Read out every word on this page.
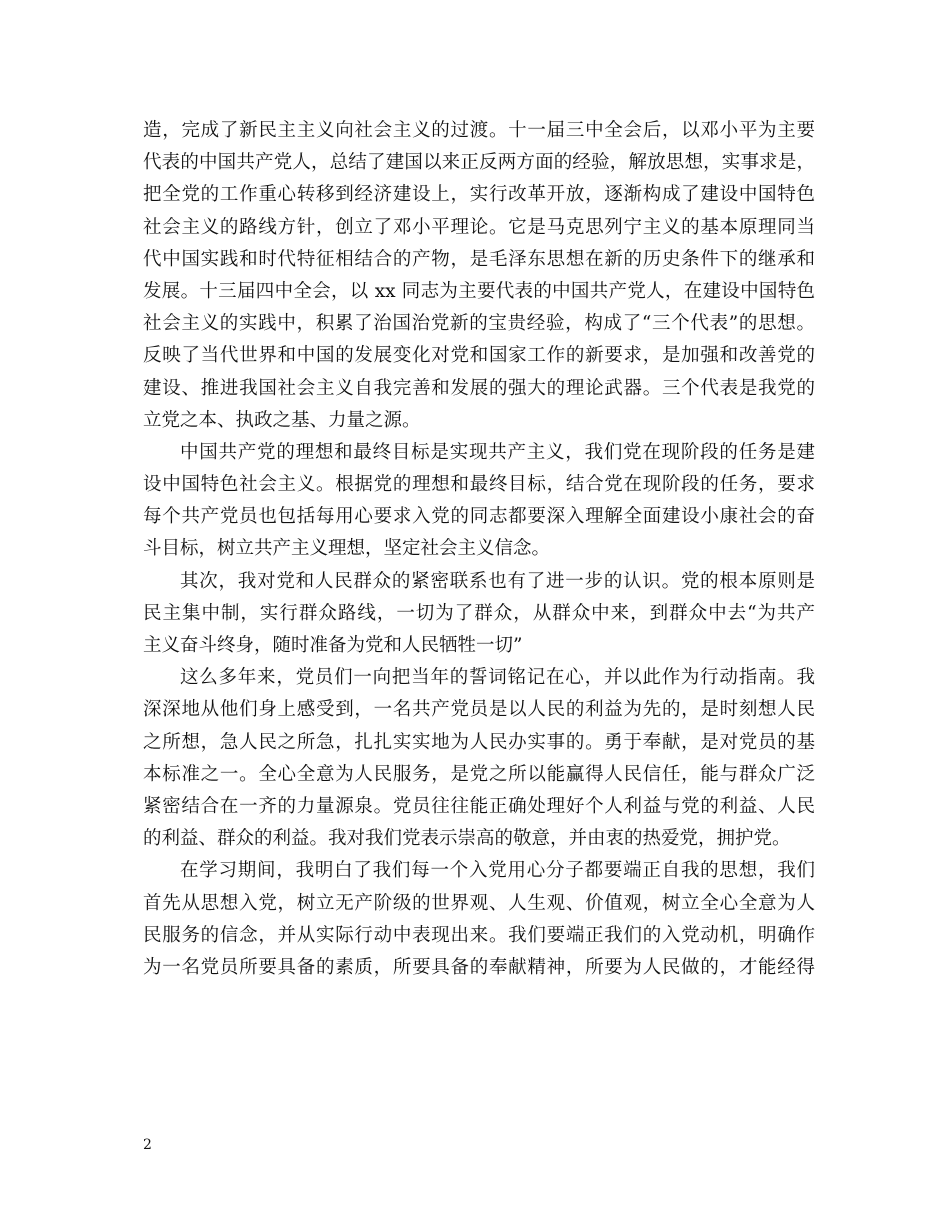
造，完成了新民主主义向社会主义的过渡。十一届三中全会后，以邓小平为主要
代表的中国共产党人，总结了建国以来正反两方面的经验，解放思想，实事求是，
把全党的工作重心转移到经济建设上，实行改革开放，逐渐构成了建设中国特色
社会主义的路线方针，创立了邓小平理论。它是马克思列宁主义的基本原理同当
代中国实践和时代特征相结合的产物，是毛泽东思想在新的历史条件下的继承和
发展。十三届四中全会，以 xx 同志为主要代表的中国共产党人，在建设中国特色
社会主义的实践中，积累了治国治党新的宝贵经验，构成了“三个代表”的思想。
反映了当代世界和中国的发展变化对党和国家工作的新要求，是加强和改善党的
建设、推进我国社会主义自我完善和发展的强大的理论武器。三个代表是我党的
立党之本、执政之基、力量之源。
中国共产党的理想和最终目标是实现共产主义，我们党在现阶段的任务是建
设中国特色社会主义。根据党的理想和最终目标，结合党在现阶段的任务，要求
每个共产党员也包括每用心要求入党的同志都要深入理解全面建设小康社会的奋
斗目标，树立共产主义理想，坚定社会主义信念。
其次，我对党和人民群众的紧密联系也有了进一步的认识。党的根本原则是
民主集中制，实行群众路线，一切为了群众，从群众中来，到群众中去“为共产
主义奋斗终身，随时准备为党和人民牺牲一切”
这么多年来，党员们一向把当年的誓词铭记在心，并以此作为行动指南。我
深深地从他们身上感受到，一名共产党员是以人民的利益为先的，是时刻想人民
之所想，急人民之所急，扎扎实实地为人民办实事的。勇于奉献，是对党员的基
本标准之一。全心全意为人民服务，是党之所以能赢得人民信任，能与群众广泛
紧密结合在一齐的力量源泉。党员往往能正确处理好个人利益与党的利益、人民
的利益、群众的利益。我对我们党表示崇高的敬意，并由衷的热爱党，拥护党。
在学习期间，我明白了我们每一个入党用心分子都要端正自我的思想，我们
首先从思想入党，树立无产阶级的世界观、人生观、价值观，树立全心全意为人
民服务的信念，并从实际行动中表现出来。我们要端正我们的入党动机，明确作
为一名党员所要具备的素质，所要具备的奉献精神，所要为人民做的，才能经得
2
